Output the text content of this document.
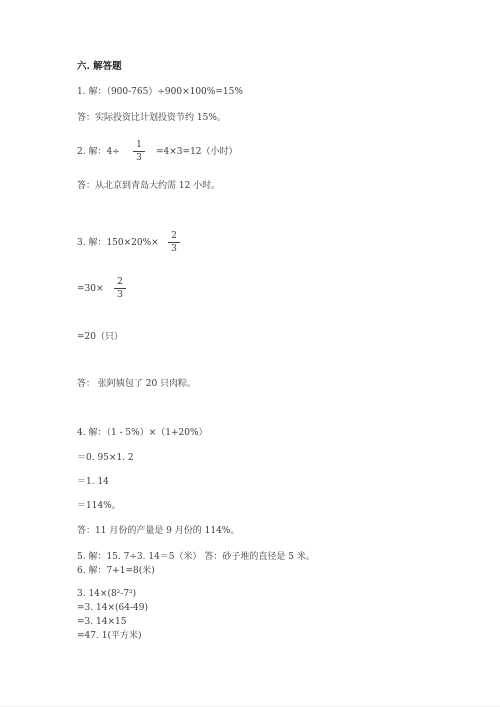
六. 解答题

1. 解：（900-765）÷900×100%=15%

答：实际投资比计划投资节约 15%。

2. 解：4÷

1
3

=4×3=12（小时）

答：从北京到青岛大约需 12 小时。

3. 解：150×20%×

2
3

=30×

2
3

=20（只）

答： 张阿姨包了 20 只肉粽。

4. 解：（1 - 5%）×（1+20%）

＝0. 95×1. 2

＝1. 14

＝114%。

答：11 月份的产量是 9 月份的 114%。

5. 解：15. 7÷3. 14＝5（米） 答：砂子堆的直径是 5 米。

6. 解：7+1=8(米)

3. 14×(8²-7²)

=3. 14×(64-49)

=3. 14×15

=47. 1(平方米)
